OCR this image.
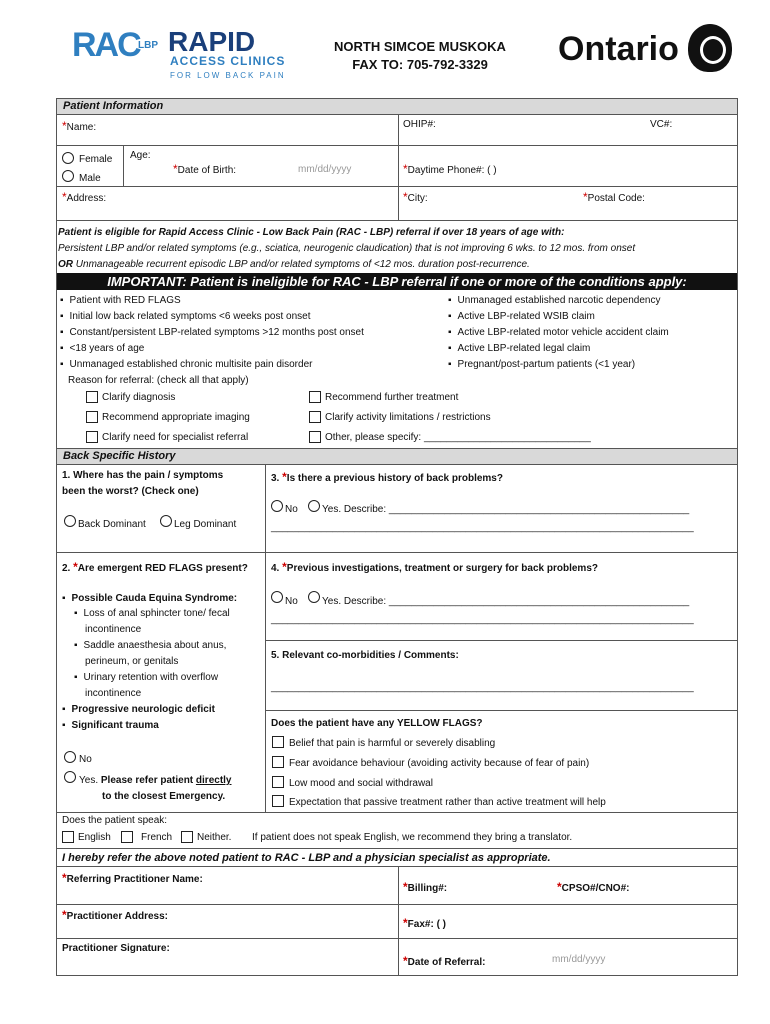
RAC
LBP RAPID
ACCESS CLINICS
FOR LOW BACK PAIN
NORTH SIMCOE MUSKOKA
FAX TO: 705-792-3329	Ontario
Patient Information
*Name:	OHIP#:	VC#:
Female
Male
Age:
*Date of Birth:	mm/dd/yyyy	*Daytime Phone#: ( )
*Address:	*City:	*Postal Code:
Patient is eligible for Rapid Access Clinic - Low Back Pain (RAC - LBP) referral if over 18 years of age with:
Persistent LBP and/or related symptoms (e.g., sciatica, neurogenic claudication) that is not improving 6 wks. to 12 mos. from onset
OR Unmanageable recurrent episodic LBP and/or related symptoms of <12 mos. duration post-recurrence.
IMPORTANT: Patient is ineligible for RAC - LBP referral if one or more of the conditions apply:
▪ Patient with RED FLAGS
▪ Initial low back related symptoms <6 weeks post onset
▪ Constant/persistent LBP-related symptoms >12 months post onset
▪ <18 years of age
▪ Unmanaged established chronic multisite pain disorder
▪ Unmanaged established narcotic dependency
▪ Active LBP-related WSIB claim
▪ Active LBP-related motor vehicle accident claim
▪ Active LBP-related legal claim
▪ Pregnant/post-partum patients (<1 year)
Reason for referral: (check all that apply)
Clarify diagnosis
Recommend appropriate imaging
Clarify need for specialist referral
Recommend further treatment
Clarify activity limitations / restrictions
Other, please specify: ______________________________
Back Specific History
1. Where has the pain / symptoms
been the worst? (Check one)
Back Dominant	Leg Dominant
3. *Is there a previous history of back problems?
No Yes. Describe: ______________________________________________________
____________________________________________________________________________
2. *Are emergent RED FLAGS present?
▪ Possible Cauda Equina Syndrome:
▪ Loss of anal sphincter tone/ fecal
incontinence
▪ Saddle anaesthesia about anus,
perineum, or genitals
▪ Urinary retention with overflow
incontinence
▪ Progressive neurologic deficit
▪ Significant trauma
No
Yes. Please refer patient directly
to the closest Emergency.
4. *Previous investigations, treatment or surgery for back problems?
No Yes. Describe: ______________________________________________________
____________________________________________________________________________
5. Relevant co-morbidities / Comments:
____________________________________________________________________________
Does the patient have any YELLOW FLAGS?
Belief that pain is harmful or severely disabling
Fear avoidance behaviour (avoiding activity because of fear of pain)
Low mood and social withdrawal
Expectation that passive treatment rather than active treatment will help
Does the patient speak:
English	French Neither. If patient does not speak English, we recommend they bring a translator.
I hereby refer the above noted patient to RAC - LBP and a physician specialist as appropriate.
*Referring Practitioner Name:
*Billing#:	*CPSO#/CNO#:
*Practitioner Address:	*Fax#: ( )
Practitioner Signature:
*Date of Referral:	mm/dd/yyyy
